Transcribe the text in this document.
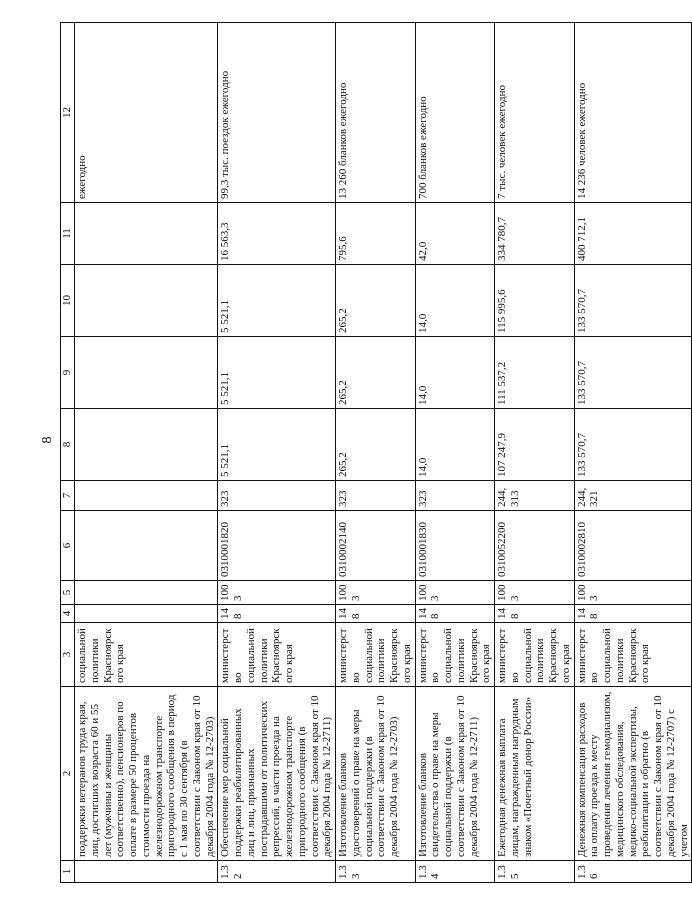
8
1	2	3	4	5	6	7	8	9	10	11	12
	поддержки ветеранов труда края, лиц, достигших возраста 60 и 55 лет (мужчины и женщины соответственно), пенсионеров по оплате в размере 50 процентов стоимости проезда на железнодорожном транспорте пригородного сообщения в период с 1 мая по 30 сентября (в соответствии с Законом края от 10 декабря 2004 года № 12-2703)	социальной политики Красноярского края									ежегодно
1.32	Обеспечение мер социальной поддержки реабилитированных лиц и лиц, признанных пострадавшими от политических репрессий, в части проезда на железнодорожном транспорте пригородного сообщения (в соответствии с Законом края от 10 декабря 2004 года № 12-2711)	министерство социальной политики Красноярского края	148	1003	0310001820	323	5 521,1	5 521,1	5 521,1	16 563,3	99,3 тыс. поездок ежегодно
1.33	Изготовление бланков удостоверений о праве на меры социальной поддержки (в соответствии с Законом края от 10 декабря 2004 года № 12-2703)	министерство социальной политики Красноярского края	148	1003	0310002140	323	265,2	265,2	265,2	795,6	13 260 бланков ежегодно
1.34	Изготовление бланков свидетельства о праве на меры социальной поддержки (в соответствии с Законом края от 10 декабря 2004 года № 12-2711)	министерство социальной политики Красноярского края	148	1003	0310001830	323	14,0	14,0	14,0	42,0	700 бланков ежегодно
1.35	Ежегодная денежная выплата лицам, награжденным нагрудным знаком «Почетный донор России»	министерство социальной политики Красноярского края	148	1003	0310052200	244, 313	107 247,9	111 537,2	115 995,6	334 780,7	7 тыс. человек ежегодно
1.36	Денежная компенсация расходов на оплату проезда к месту проведения лечения гемодиализом, медицинского обследования, медико-социальной экспертизы, реабилитации и обратно (в соответствии с Законом края от 10 декабря 2004 года № 12-2707) с учетом	министерство социальной политики Красноярского края	148	1003	0310002810	244, 321	133 570,7	133 570,7	133 570,7	400 712,1	14 236 человек ежегодно
